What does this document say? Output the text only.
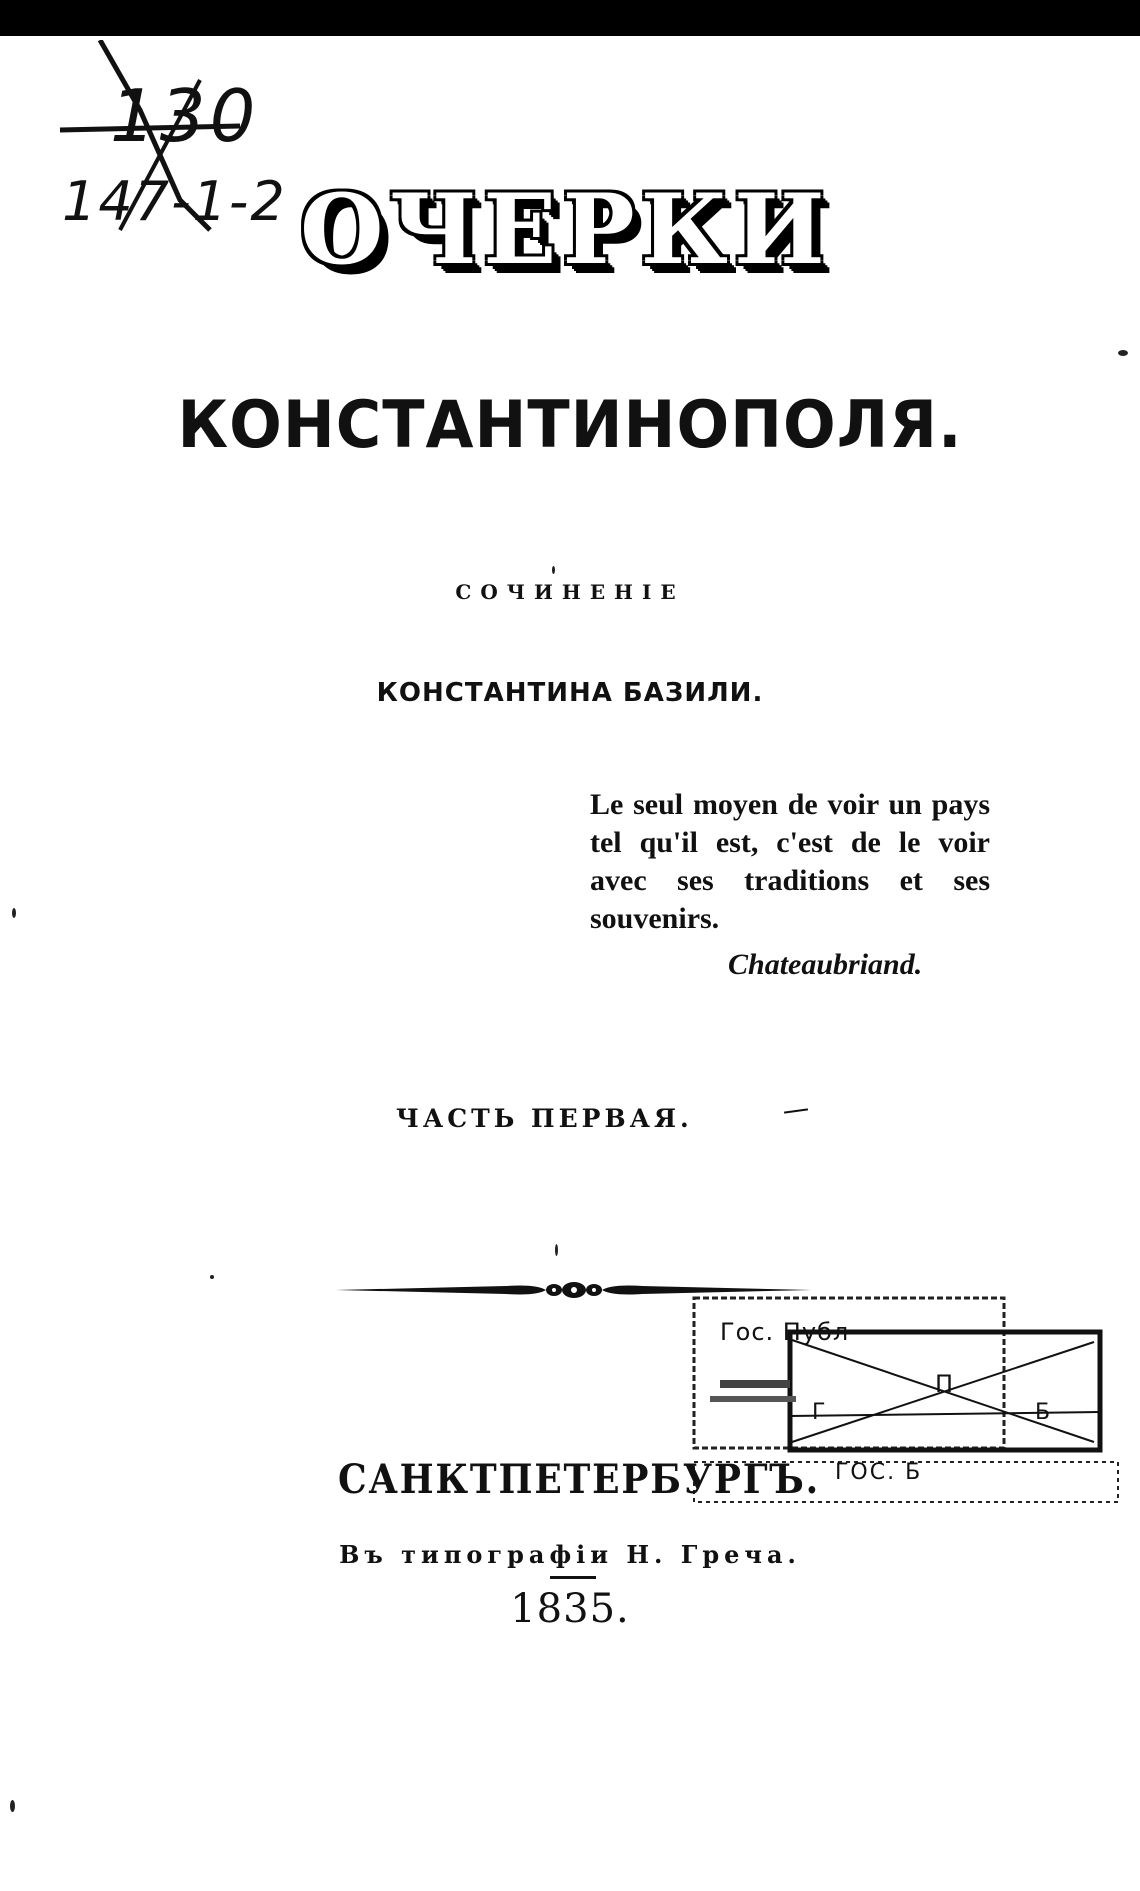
130
147-1-2 ОЧЕРКИ
КОНСТАНТИНОПОЛЯ.
СОЧИНЕНIЕ
КОНСТАНТИНА БАЗИЛИ.
Le seul moyen de voir un pays tel qu'il est, c'est de le voir avec ses traditions et ses souvenirs.
Chateaubriand.
ЧАСТЬ ПЕРВАЯ.
Гос. Публ
П
Б
Г
ГОС. Б
САНКТПЕТЕРБУРГЪ.
Въ типографiи Н. Греча.
1835.
